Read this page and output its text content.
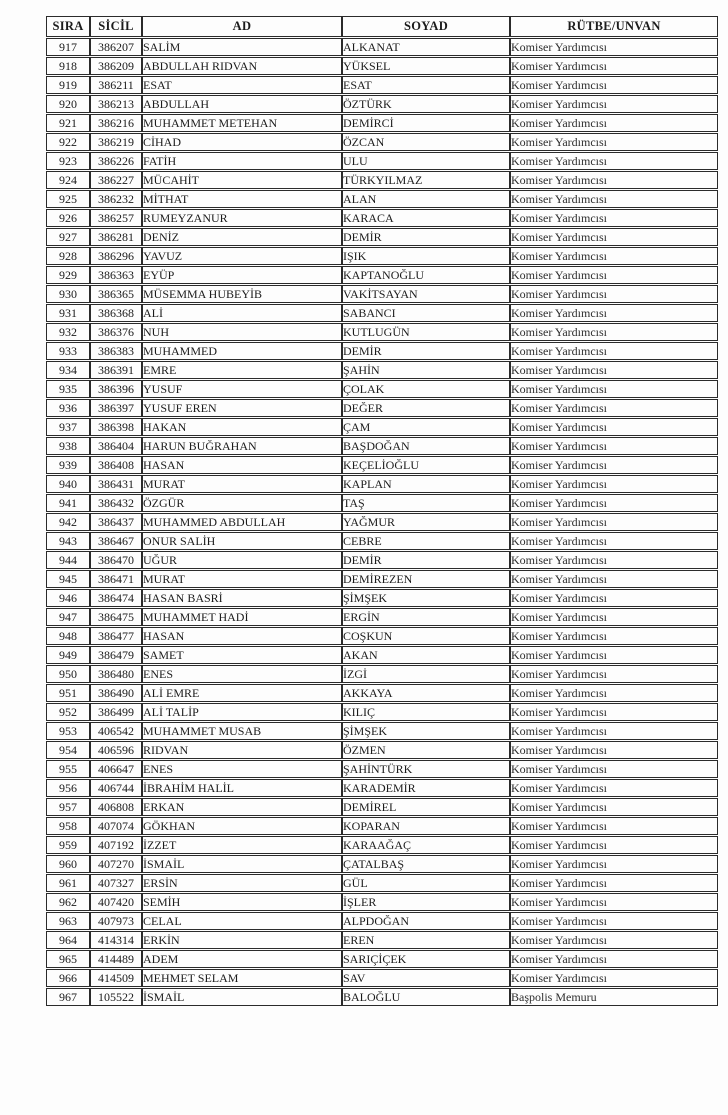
SIRA	SİCİL	AD	SOYAD	RÜTBE/UNVAN
917	386207	SALİM	ALKANAT	Komiser Yardımcısı
918	386209	ABDULLAH RIDVAN	YÜKSEL	Komiser Yardımcısı
919	386211	ESAT	ESAT	Komiser Yardımcısı
920	386213	ABDULLAH	ÖZTÜRK	Komiser Yardımcısı
921	386216	MUHAMMET METEHAN	DEMİRCİ	Komiser Yardımcısı
922	386219	CİHAD	ÖZCAN	Komiser Yardımcısı
923	386226	FATİH	ULU	Komiser Yardımcısı
924	386227	MÜCAHİT	TÜRKYILMAZ	Komiser Yardımcısı
925	386232	MİTHAT	ALAN	Komiser Yardımcısı
926	386257	RUMEYZANUR	KARACA	Komiser Yardımcısı
927	386281	DENİZ	DEMİR	Komiser Yardımcısı
928	386296	YAVUZ	IŞIK	Komiser Yardımcısı
929	386363	EYÜP	KAPTANOĞLU	Komiser Yardımcısı
930	386365	MÜSEMMA HUBEYİB	VAKİTSAYAN	Komiser Yardımcısı
931	386368	ALİ	SABANCI	Komiser Yardımcısı
932	386376	NUH	KUTLUGÜN	Komiser Yardımcısı
933	386383	MUHAMMED	DEMİR	Komiser Yardımcısı
934	386391	EMRE	ŞAHİN	Komiser Yardımcısı
935	386396	YUSUF	ÇOLAK	Komiser Yardımcısı
936	386397	YUSUF EREN	DEĞER	Komiser Yardımcısı
937	386398	HAKAN	ÇAM	Komiser Yardımcısı
938	386404	HARUN BUĞRAHAN	BAŞDOĞAN	Komiser Yardımcısı
939	386408	HASAN	KEÇELİOĞLU	Komiser Yardımcısı
940	386431	MURAT	KAPLAN	Komiser Yardımcısı
941	386432	ÖZGÜR	TAŞ	Komiser Yardımcısı
942	386437	MUHAMMED ABDULLAH	YAĞMUR	Komiser Yardımcısı
943	386467	ONUR SALİH	CEBRE	Komiser Yardımcısı
944	386470	UĞUR	DEMİR	Komiser Yardımcısı
945	386471	MURAT	DEMİREZEN	Komiser Yardımcısı
946	386474	HASAN BASRİ	ŞİMŞEK	Komiser Yardımcısı
947	386475	MUHAMMET HADİ	ERGİN	Komiser Yardımcısı
948	386477	HASAN	COŞKUN	Komiser Yardımcısı
949	386479	SAMET	AKAN	Komiser Yardımcısı
950	386480	ENES	İZGİ	Komiser Yardımcısı
951	386490	ALİ EMRE	AKKAYA	Komiser Yardımcısı
952	386499	ALİ TALİP	KILIÇ	Komiser Yardımcısı
953	406542	MUHAMMET MUSAB	ŞİMŞEK	Komiser Yardımcısı
954	406596	RIDVAN	ÖZMEN	Komiser Yardımcısı
955	406647	ENES	ŞAHİNTÜRK	Komiser Yardımcısı
956	406744	İBRAHİM HALİL	KARADEMİR	Komiser Yardımcısı
957	406808	ERKAN	DEMİREL	Komiser Yardımcısı
958	407074	GÖKHAN	KOPARAN	Komiser Yardımcısı
959	407192	İZZET	KARAAĞAÇ	Komiser Yardımcısı
960	407270	İSMAİL	ÇATALBAŞ	Komiser Yardımcısı
961	407327	ERSİN	GÜL	Komiser Yardımcısı
962	407420	SEMİH	İŞLER	Komiser Yardımcısı
963	407973	CELAL	ALPDOĞAN	Komiser Yardımcısı
964	414314	ERKİN	EREN	Komiser Yardımcısı
965	414489	ADEM	SARIÇİÇEK	Komiser Yardımcısı
966	414509	MEHMET SELAM	SAV	Komiser Yardımcısı
967	105522	İSMAİL	BALOĞLU	Başpolis Memuru
